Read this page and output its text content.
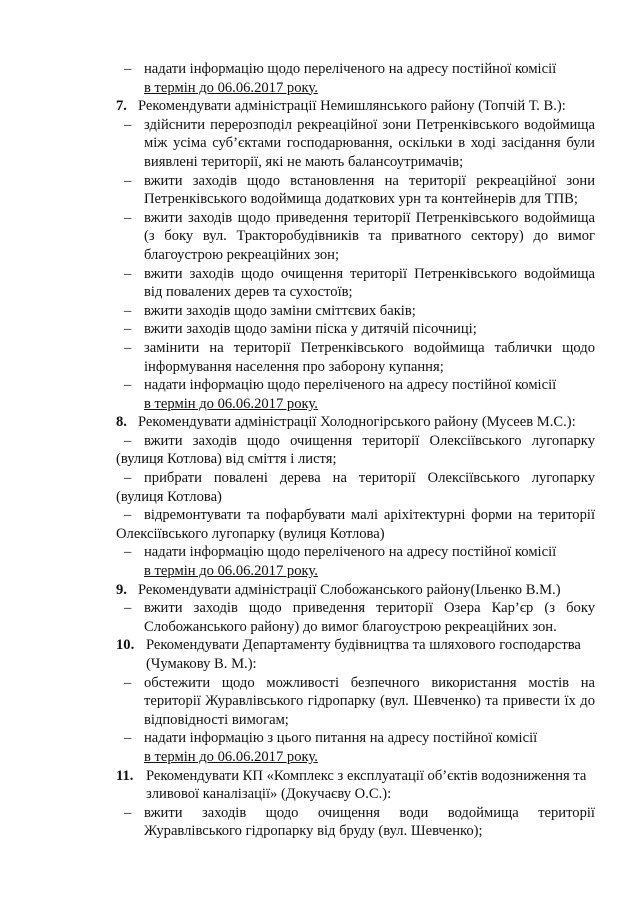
– надати інформацію щодо переліченого на адресу постійної комісії
в термін до 06.06.2017 року.
7. Рекомендувати адміністрації Немишлянського району (Топчій Т. В.):
– здійснити перерозподіл рекреаційної зони Петренківського водоймища між усіма суб’єктами господарювання, оскільки в ході засідання були виявлені території, які не мають балансоутримачів;
– вжити заходів щодо встановлення на території рекреаційної зони Петренківського водоймища додаткових урн та контейнерів для ТПВ;
– вжити заходів щодо приведення території Петренківського водоймища (з боку вул. Тракторобудівників та приватного сектору) до вимог благоустрою рекреаційних зон;
– вжити заходів щодо очищення території Петренківського водоймища від повалених дерев та сухостоїв;
– вжити заходів щодо заміни сміттєвих баків;
– вжити заходів щодо заміни піска у дитячій пісочниці;
– замінити на території Петренківського водоймища таблички щодо інформування населення про заборону купання;
– надати інформацію щодо переліченого на адресу постійної комісії
в термін до 06.06.2017 року.
8. Рекомендувати адміністрації Холодногірського району (Мусеев М.С.):
– вжити заходів щодо очищення території Олексіївського лугопарку (вулиця Котлова) від сміття і листя;
– прибрати повалені дерева на території Олексіївського лугопарку (вулиця Котлова)
– відремонтувати та пофарбувати малі аріхітектурні форми на території Олексіївського лугопарку (вулиця Котлова)
– надати інформацію щодо переліченого на адресу постійної комісії
в термін до 06.06.2017 року.
9. Рекомендувати адміністрації Слобожанського району(Ільенко В.М.)
– вжити заходів щодо приведення території Озера Кар’єр (з боку Слобожанського району) до вимог благоустрою рекреаційних зон.
10. Рекомендувати Департаменту будівництва та шляхового господарства (Чумакову В. М.):
– обстежити щодо можливості безпечного використання мостів на території Журавлівського гідропарку (вул. Шевченко) та привести їх до відповідності вимогам;
– надати інформацію з цього питання на адресу постійної комісії
в термін до 06.06.2017 року.
11. Рекомендувати КП «Комплекс з експлуатації об’єктів водозниження та зливової каналізації» (Докучаєву О.С.):
– вжити заходів щодо очищення води водоймища території Журавлівського гідропарку від бруду (вул. Шевченко);
